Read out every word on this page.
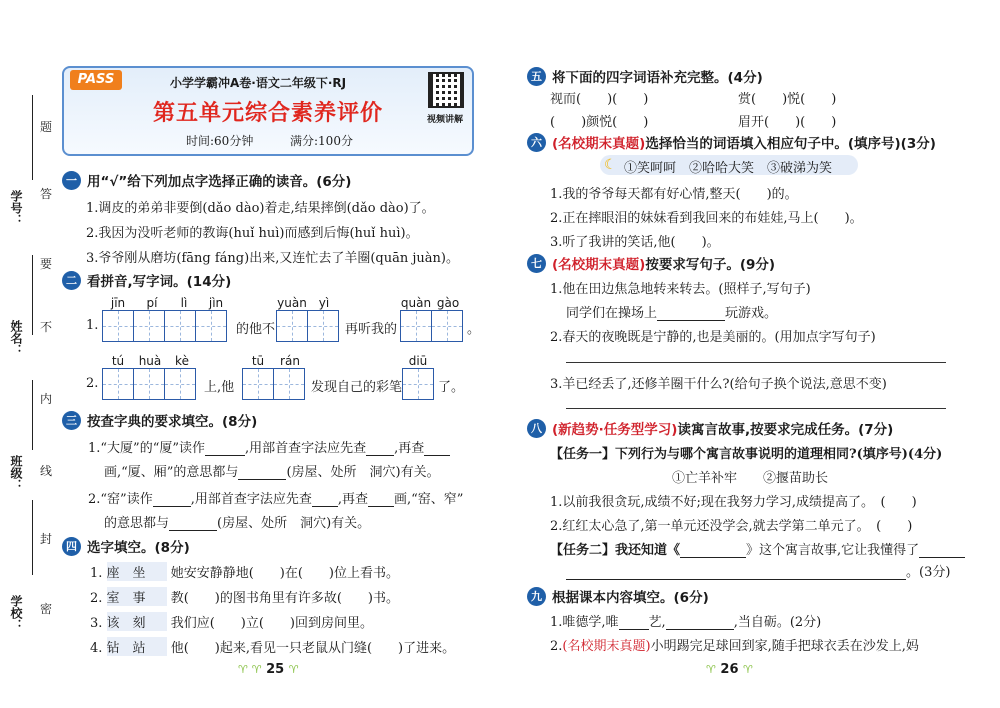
学号：
姓名：
班级：
学校：
题
答
要
不
内
线
封
密
PASS	小学学霸冲A卷·语文二年级下·RJ
第五单元综合素养评价
时间:60分钟	满分:100分
视频讲解
一 用“√”给下列加点字选择正确的读音。(6分)
1.调皮的弟弟非要倒(dǎo dào)着走,结果摔倒(dǎo dào)了。
2.我因为没听老师的教诲(huǐ huì)而感到后悔(huǐ huì)。
3.爷爷刚从磨坊(fāng fáng)出来,又连忙去了羊圈(quān juàn)。
二 看拼音,写字词。(14分)
1.
jīn	pí	lì	jìn
的他不
yuàn yì
再听我的
quàn gào
。
2.
tú	huà	kè
上,他
tū	rán
发现自己的彩笔
diū
了。
三 按查字典的要求填空。(8分)
1.“大厦”的“厦”读作	,用部首查字法应先查 ,再查
画,“厦、厢”的意思都与	(房屋、处所　洞穴)有关。
2.“窑”读作	,用部首查字法应先查 ,再查 画,“窑、窄”
的意思都与	(房屋、处所　洞穴)有关。
四 选字填空。(8分)
1. 座　坐 她安安静静地(　　)在(　　)位上看书。
2. 室　事 教(　　)的图书角里有许多故(　　)书。
3. 该　刻 我们应(　　)立(　　)回到房间里。
4. 钻　站 他(　　)起来,看见一只老鼠从门缝(　　)了进来。
♈ ♈ 25 ♈
五 将下面的四字词语补充完整。(4分)
视而(　　)(　　)	赏(　　)悦(　　)
(　　)颜悦(　　)	眉开(　　)(　　)
六 (名校期末真题) 选择恰当的词语填入相应句子中。(填序号)(3分)
☾ ①笑呵呵　②哈哈大笑　③破涕为笑
1.我的爷爷每天都有好心情,整天(　　)的。
2.正在摔眼泪的妹妹看到我回来的布娃娃,马上(　　)。
3.听了我讲的笑话,他(　　)。
七 (名校期末真题) 按要求写句子。(9分)
1.他在田边焦急地转来转去。(照样子,写句子)
同学们在操场上	玩游戏。
2.春天的夜晚既是宁静的,也是美丽的。(用加点字写句子)
3.羊已经丢了,还修羊圈干什么?(给句子换个说法,意思不变)
八 (新趋势·任务型学习) 读寓言故事,按要求完成任务。(7分)
【任务一】下列行为与哪个寓言故事说明的道理相同?(填序号)(4分)
①亡羊补牢　　②揠苗助长
1.以前我很贪玩,成绩不好;现在我努力学习,成绩提高了。　(　　)
2.红红太心急了,第一单元还没学会,就去学第二单元了。　(　　)
【任务二】我还知道《	》这个寓言故事,它让我懂得了
。(3分)
九 根据课本内容填空。(6分)
1.唯德学,唯 艺,	,当自砺。(2分)
2.(名校期末真题)小明踢完足球回到家,随手把球衣丢在沙发上,妈
♈ 26 ♈
